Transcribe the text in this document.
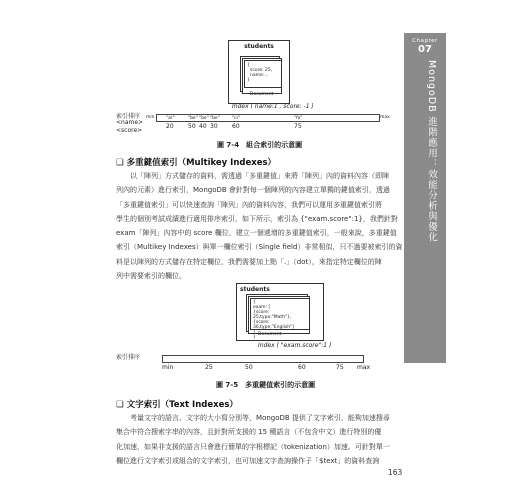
Chapter
07
MongoDB 進階應用：效能分析與優化
students
{
score: 25,
name:...
}
Document
Index ( name:1 , score: -1 )
索引排序
<name>
<score>
min	max
"ar"	"be" "be" "be"	"ci"	"fo"
20 50 40 30 60	75
圖 7-4　組合索引的示意圖
❏ 多重鍵值索引（Multikey Indexes）

以「陣列」方式儲存的資料，需透過「多重鍵值」來將「陣列」內的資料內容（即陣

列內的元素）進行索引，MongoDB 會針對每一個陣列的內容建立單獨的鍵值索引，透過

「多重鍵值索引」可以快速查詢「陣列」內的資料內容，我們可以運用多重鍵值索引將

學生的個別考試成績進行適用排序索引，如下所示，索引為 {"exam.score":1}，我們針對

exam「陣列」內容中的 score 欄位，建立一個遞增的多重鍵值索引，一般來說，多重鍵值

索引（Multikey Indexes）與單一欄位索引（Single field）非常相似，只不過要被索引的資

料是以陣列的方式儲存在特定欄位，我們需要加上點「.」（dot），來指定特定欄位的陣

列中需要索引的欄位。

students
{
exam: [
{score: 25,type:"Math"},
{score: 36,type:"English"}
]
}
Document
Index ( "exam.score":1 )
索引排序
min	25	50	60	75 max
圖 7-5　多重鍵值索引的示意圖
❏ 文字索引（Text Indexes）

考量文字的語言、文字的大小寫分別等，MongoDB 提供了文字索引，能夠加速搜尋

集合中符合搜索字串的內容，且針對所支援的 15 種語言（不包含中文）進行特別的優

化加速，如果非支援的語言只會進行簡單的字根標記（tokenization）加速。可針對單一

欄位進行文字索引或組合的文字索引，也可加速文字查詢操作子「$text」的資料查詢

163
